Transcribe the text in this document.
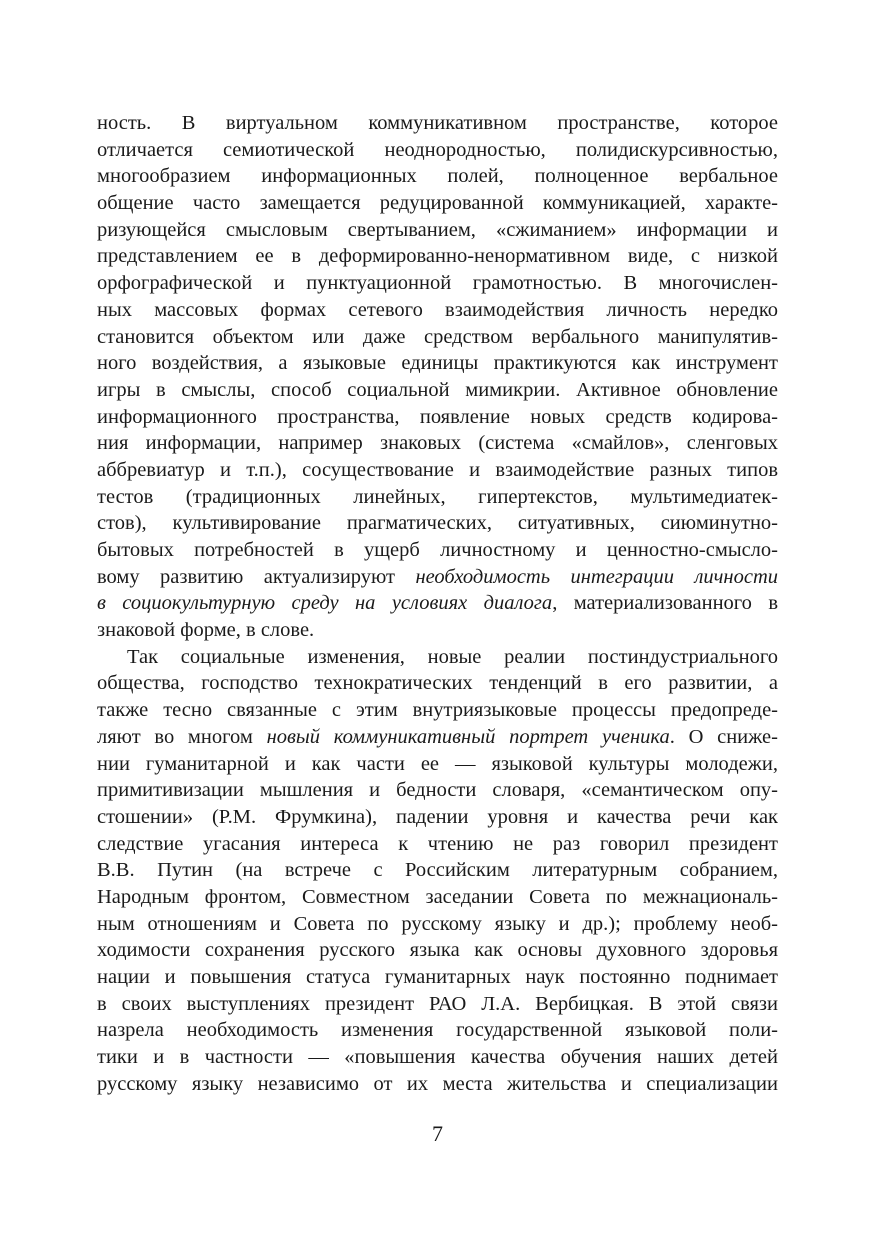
ность. В виртуальном коммуникативном пространстве, которое
отличается семиотической неоднородностью, полидискурсивностью,
многообразием информационных полей, полноценное вербальное
общение часто замещается редуцированной коммуникацией, характе-
ризующейся смысловым свертыванием, «сжиманием» информации и
представлением ее в деформированно-ненормативном виде, с низкой
орфографической и пунктуационной грамотностью. В многочислен-
ных массовых формах сетевого взаимодействия личность нередко
становится объектом или даже средством вербального манипулятив-
ного воздействия, а языковые единицы практикуются как инструмент
игры в смыслы, способ социальной мимикрии. Активное обновление
информационного пространства, появление новых средств кодирова-
ния информации, например знаковых (система «смайлов», сленговых
аббревиатур и т.п.), сосуществование и взаимодействие разных типов
тестов (традиционных линейных, гипертекстов, мультимедиатек-
стов), культивирование прагматических, ситуативных, сиюминутно-
бытовых потребностей в ущерб личностному и ценностно-смысло-
вому развитию актуализируют необходимость интеграции личности
в социокультурную среду на условиях диалога, материализованного в
знаковой форме, в слове.
Так социальные изменения, новые реалии постиндустриального
общества, господство технократических тенденций в его развитии, а
также тесно связанные с этим внутриязыковые процессы предопреде-
ляют во многом новый коммуникативный портрет ученика. О сниже-
нии гуманитарной и как части ее — языковой культуры молодежи,
примитивизации мышления и бедности словаря, «семантическом опу-
стошении» (Р.М. Фрумкина), падении уровня и качества речи как
следствие угасания интереса к чтению не раз говорил президент
В.В. Путин (на встрече с Российским литературным собранием,
Народным фронтом, Совместном заседании Совета по межнациональ-
ным отношениям и Совета по русскому языку и др.); проблему необ-
ходимости сохранения русского языка как основы духовного здоровья
нации и повышения статуса гуманитарных наук постоянно поднимает
в своих выступлениях президент РАО Л.А. Вербицкая. В этой связи
назрела необходимость изменения государственной языковой поли-
тики и в частности — «повышения качества обучения наших детей
русскому языку независимо от их места жительства и специализации
7
